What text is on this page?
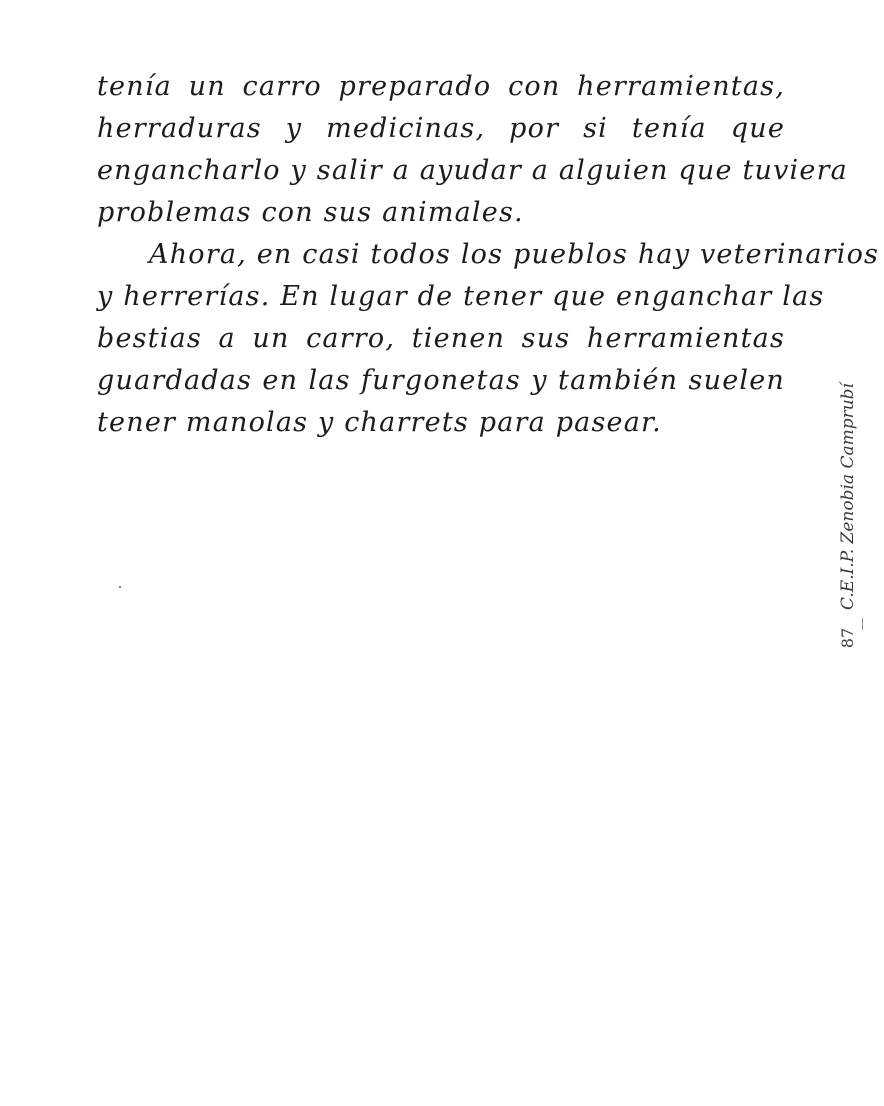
tenía un carro preparado con herramientas,
herraduras y medicinas, por si tenía que
engancharlo y salir a ayudar a alguien que tuviera
problemas con sus animales.
Ahora, en casi todos los pueblos hay veterinarios
y herrerías. En lugar de tener que enganchar las
bestias a un carro, tienen sus herramientas
guardadas en las furgonetas y también suelen
tener manolas y charrets para pasear.	C.E.I.P. Zenobia Camprubí
87
